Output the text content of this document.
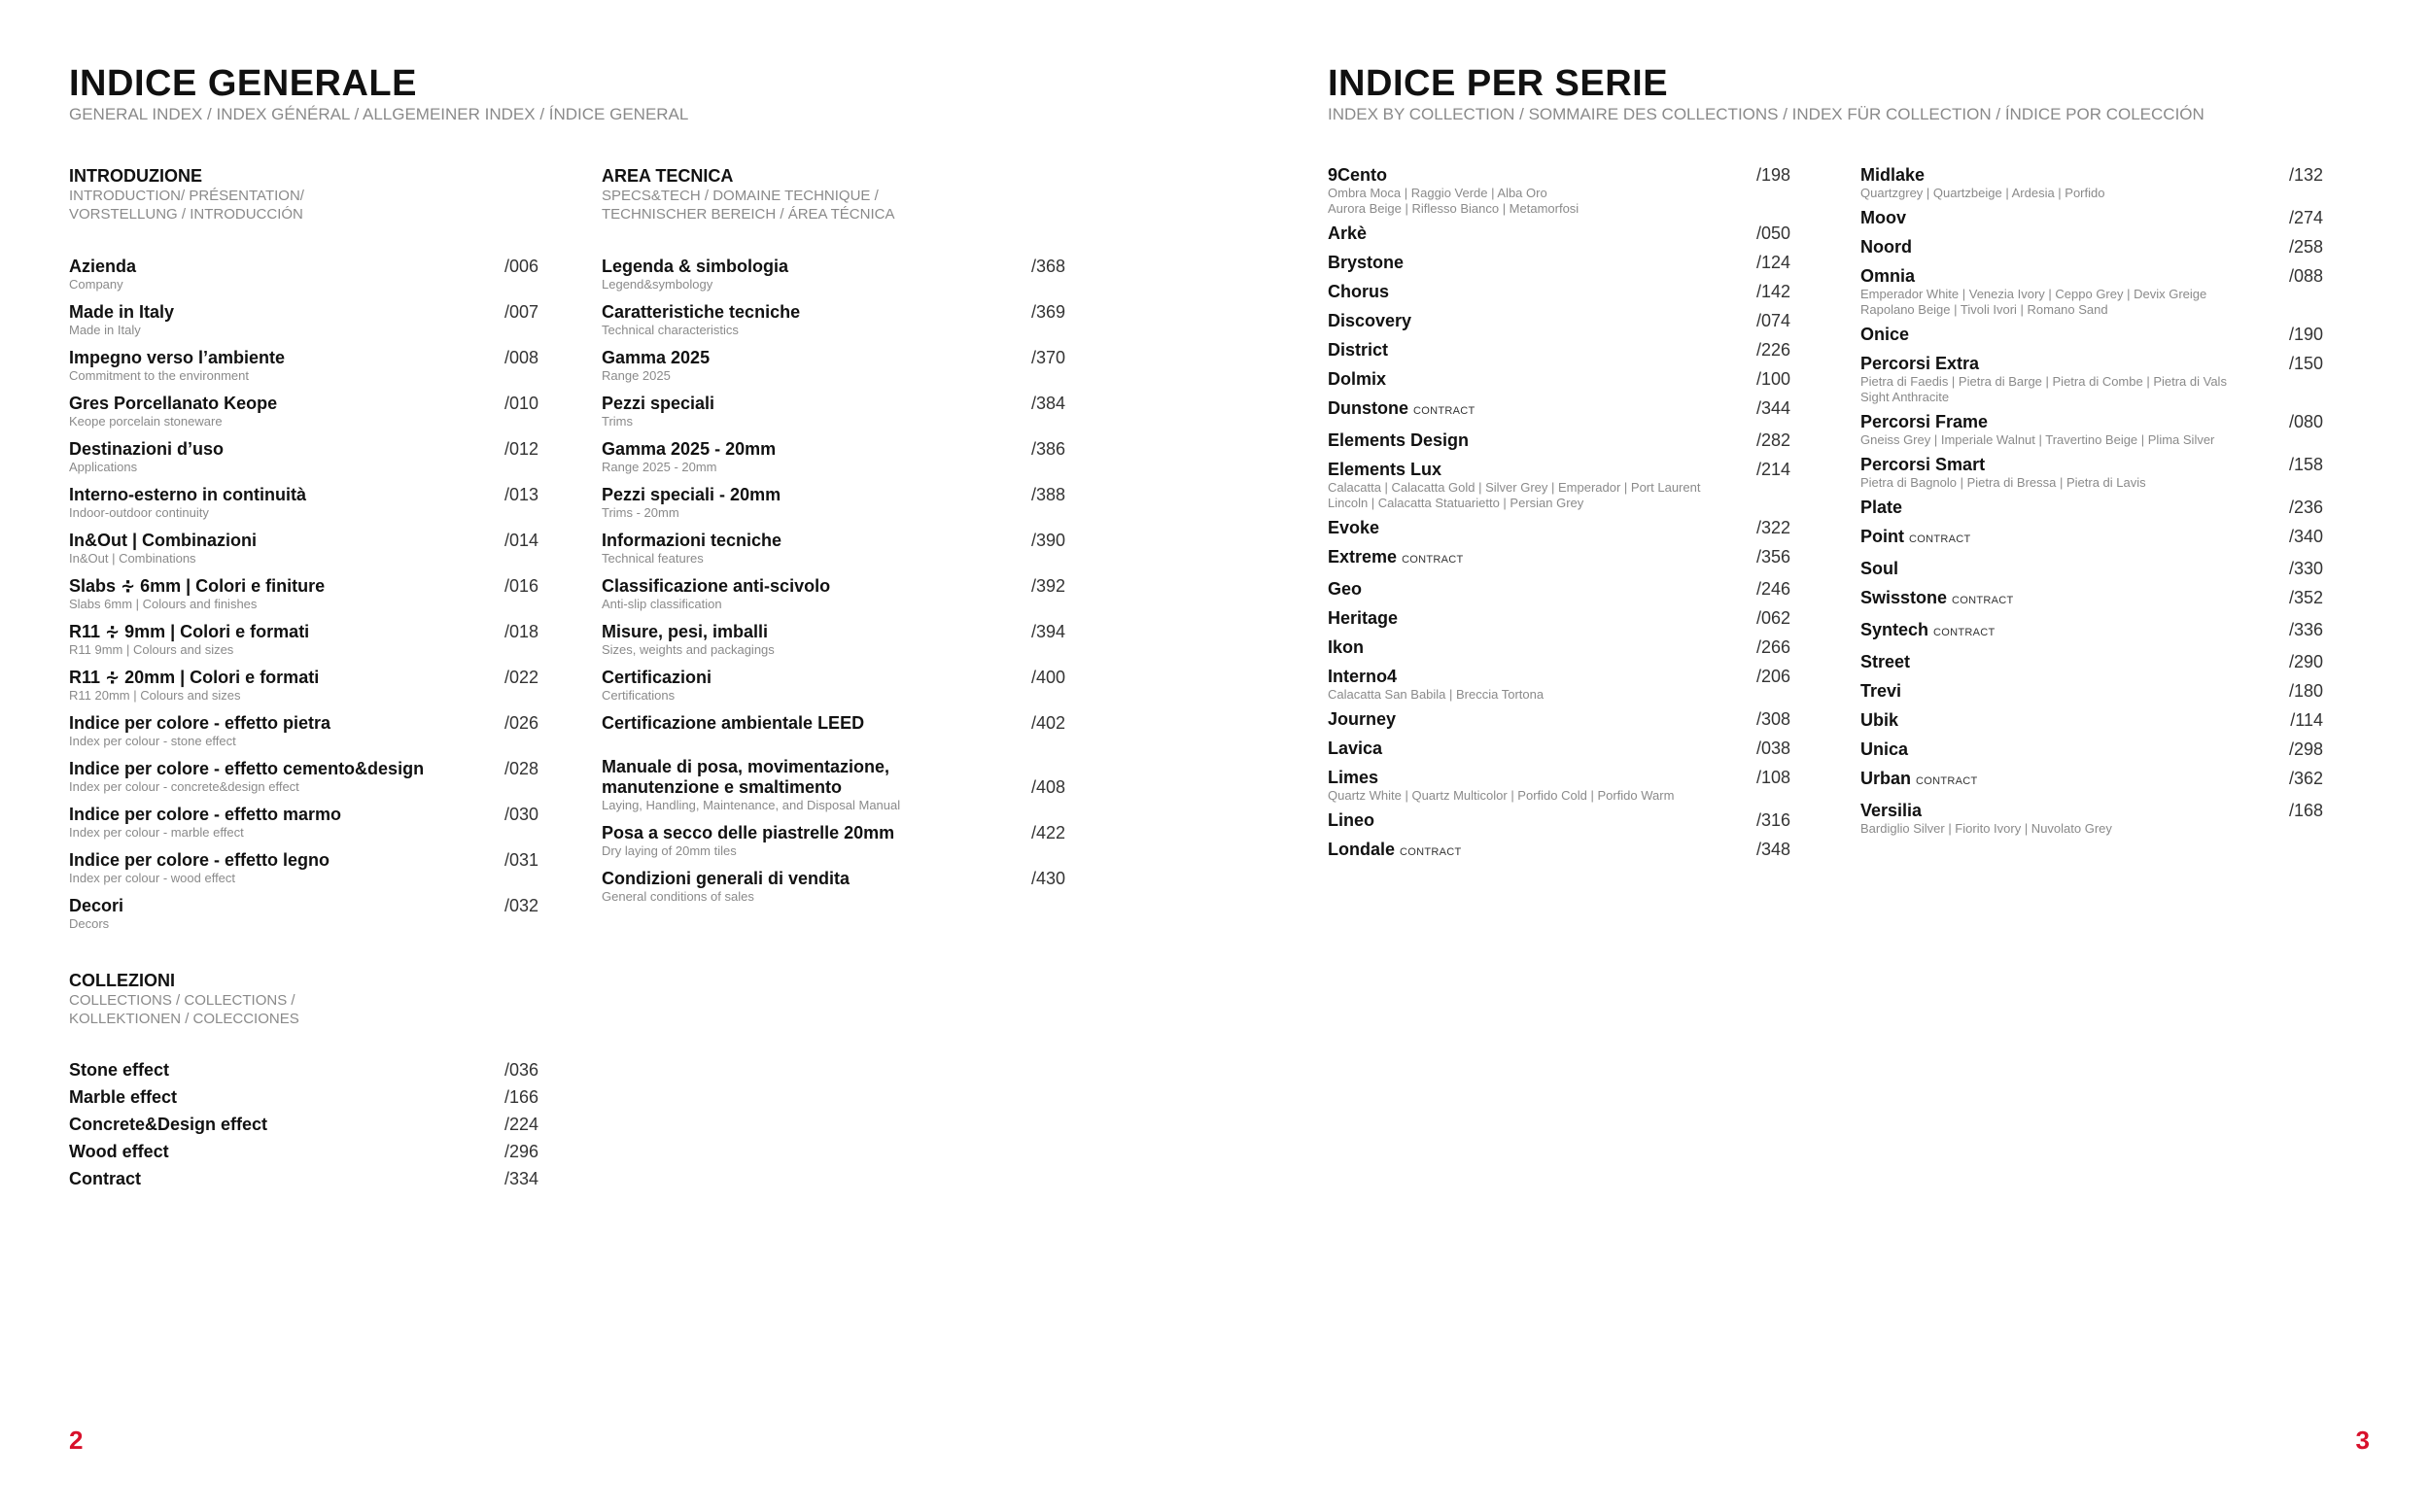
INDICE GENERALE
GENERAL INDEX / INDEX GÉNÉRAL / ALLGEMEINER INDEX / ÍNDICE GENERAL
INTRODUZIONE
INTRODUCTION/ PRÉSENTATION/
VORSTELLUNG / INTRODUCCIÓN
/006
Azienda
Company
/007
Made in Italy
Made in Italy
/008
Impegno verso l’ambiente
Commitment to the environment
/010
Gres Porcellanato Keope
Keope porcelain stoneware
/012
Destinazioni d’uso
Applications
/013
Interno-esterno in continuità
Indoor-outdoor continuity
/014
In&Out | Combinazioni
In&Out | Combinations
/016
Slabs ∻ 6mm | Colori e finiture
Slabs 6mm | Colours and finishes
/018
R11 ∻ 9mm | Colori e formati
R11 9mm | Colours and sizes
/022
R11 ∻ 20mm | Colori e formati
R11 20mm | Colours and sizes
/026
Indice per colore - effetto pietra
Index per colour - stone effect
/028
Indice per colore - effetto cemento&design
Index per colour - concrete&design effect
/030
Indice per colore - effetto marmo
Index per colour - marble effect
/031
Indice per colore - effetto legno
Index per colour - wood effect
/032
Decori
Decors
AREA TECNICA
SPECS&TECH / DOMAINE TECHNIQUE /
TECHNISCHER BEREICH / ÁREA TÉCNICA
/368
Legenda & simbologia
Legend&symbology
/369
Caratteristiche tecniche
Technical characteristics
/370
Gamma 2025
Range 2025
/384
Pezzi speciali
Trims
/386
Gamma 2025 - 20mm
Range 2025 - 20mm
/388
Pezzi speciali - 20mm
Trims - 20mm
/390
Informazioni tecniche
Technical features
/392
Classificazione anti-scivolo
Anti-slip classification
/394
Misure, pesi, imballi
Sizes, weights and packagings
/400
Certificazioni
Certifications
/402
Certificazione ambientale LEED
/408
Manuale di posa, movimentazione,
manutenzione e smaltimento
Laying, Handling, Maintenance, and Disposal Manual
/422
Posa a secco delle piastrelle 20mm
Dry laying of 20mm tiles
/430
Condizioni generali di vendita
General conditions of sales
COLLEZIONI
COLLECTIONS / COLLECTIONS /
KOLLEKTIONEN / COLECCIONES
/036
Stone effect
/166
Marble effect
/224
Concrete&Design effect
/296
Wood effect
/334
Contract
2
INDICE PER SERIE
INDEX BY COLLECTION / SOMMAIRE DES COLLECTIONS / INDEX FÜR COLLECTION / ÍNDICE POR COLECCIÓN
/198
9Cento
Ombra Moca | Raggio Verde | Alba Oro
Aurora Beige | Riflesso Bianco | Metamorfosi
/050
Arkè
/124
Brystone
/142
Chorus
/074
Discovery
/226
District
/100
Dolmix
/344
Dunstone CONTRACT
/282
Elements Design
/214
Elements Lux
Calacatta | Calacatta Gold | Silver Grey | Emperador | Port Laurent
Lincoln | Calacatta Statuarietto | Persian Grey
/322
Evoke
/356
Extreme CONTRACT
/246
Geo
/062
Heritage
/266
Ikon
/206
Interno4
Calacatta San Babila | Breccia Tortona
/308
Journey
/038
Lavica
/108
Limes
Quartz White | Quartz Multicolor | Porfido Cold | Porfido Warm
/316
Lineo
/348
Londale CONTRACT
/132
Midlake
Quartzgrey | Quartzbeige | Ardesia | Porfido
/274
Moov
/258
Noord
/088
Omnia
Emperador White | Venezia Ivory | Ceppo Grey | Devix Greige
Rapolano Beige | Tivoli Ivori | Romano Sand
/190
Onice
/150
Percorsi Extra
Pietra di Faedis | Pietra di Barge | Pietra di Combe | Pietra di Vals
Sight Anthracite
/080
Percorsi Frame
Gneiss Grey | Imperiale Walnut | Travertino Beige | Plima Silver
/158
Percorsi Smart
Pietra di Bagnolo | Pietra di Bressa | Pietra di Lavis
/236
Plate
/340
Point CONTRACT
/330
Soul
/352
Swisstone CONTRACT
/336
Syntech CONTRACT
/290
Street
/180
Trevi
/114
Ubik
/298
Unica
/362
Urban CONTRACT
/168
Versilia
Bardiglio Silver | Fiorito Ivory | Nuvolato Grey
3
